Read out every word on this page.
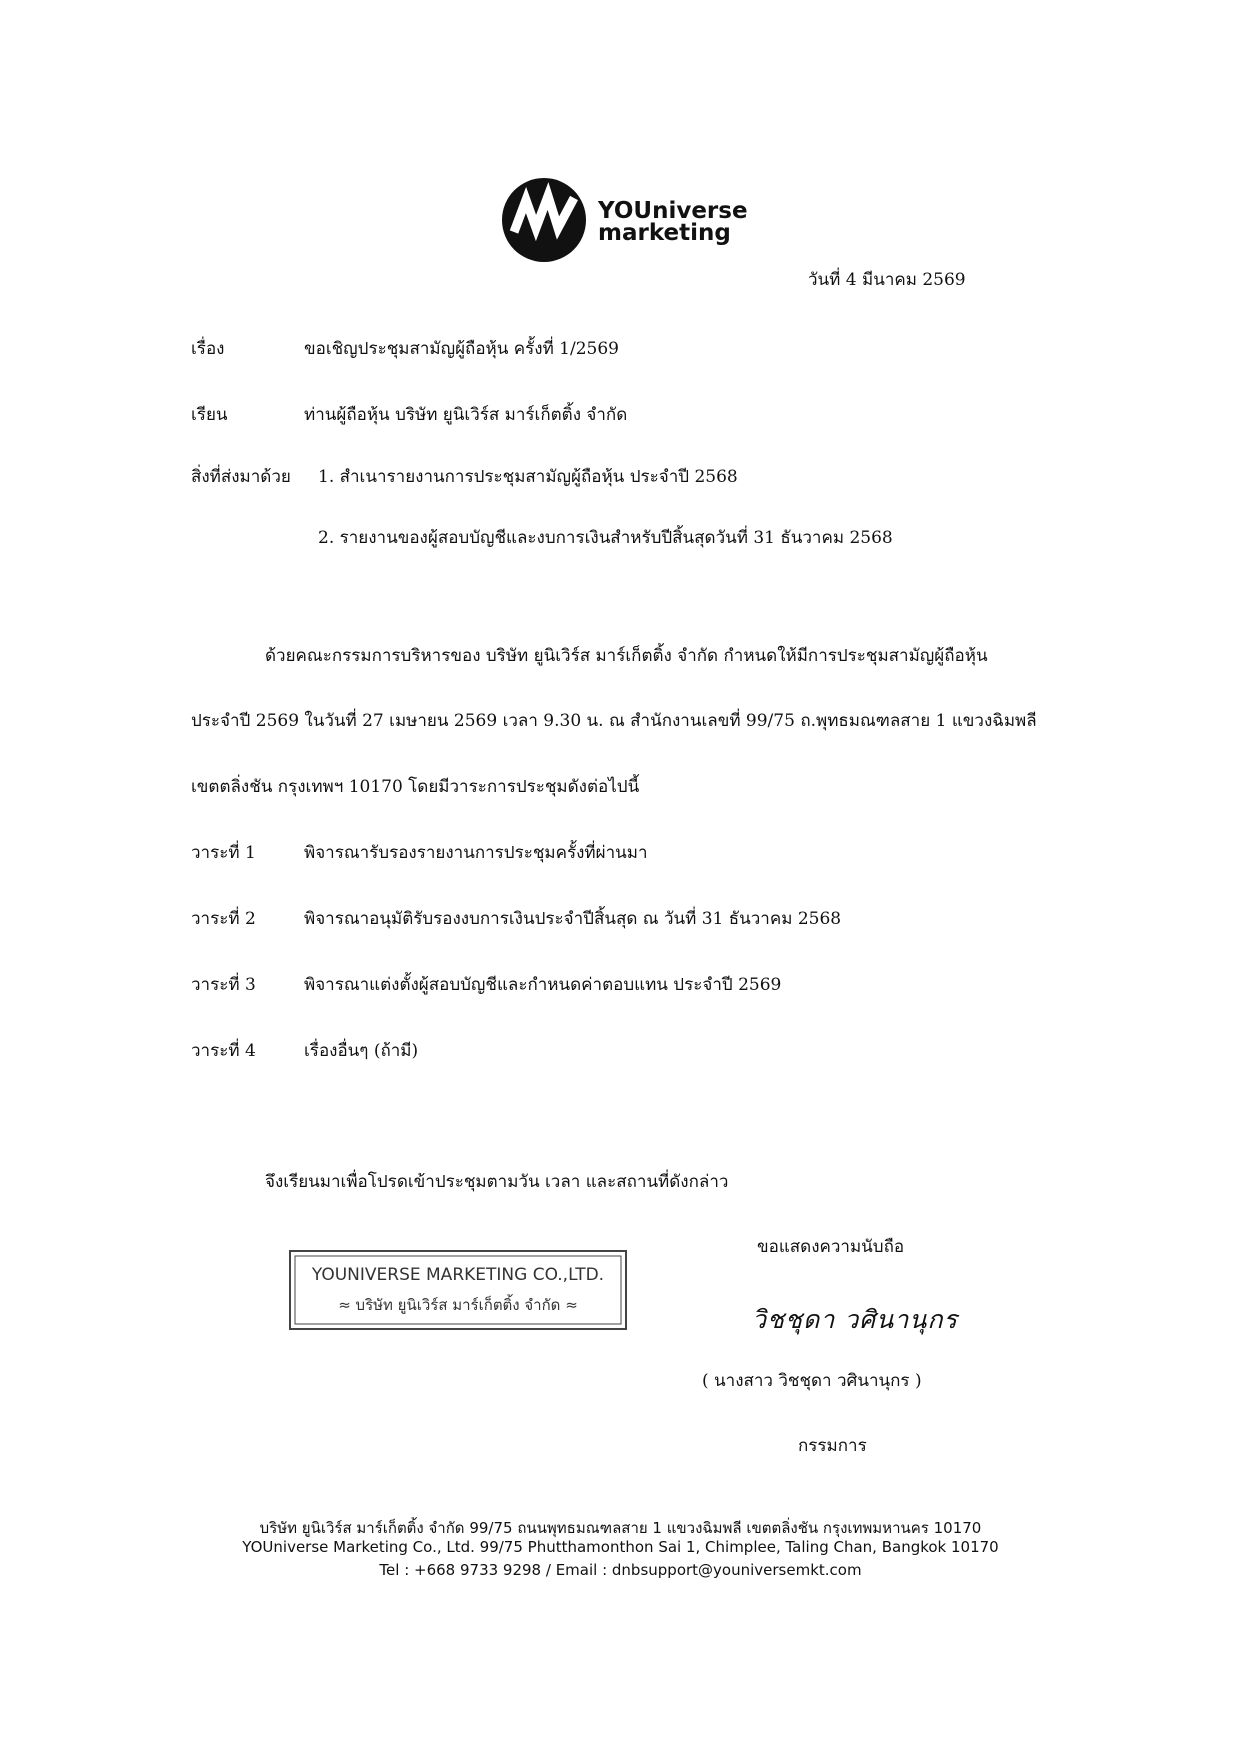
YOUniverse
marketing
วันที่ 4 มีนาคม 2569
เรื่อง	ขอเชิญประชุมสามัญผู้ถือหุ้น ครั้งที่ 1/2569
เรียน	ท่านผู้ถือหุ้น บริษัท ยูนิเวิร์ส มาร์เก็ตติ้ง จำกัด
สิ่งที่ส่งมาด้วย 1. สำเนารายงานการประชุมสามัญผู้ถือหุ้น ประจำปี 2568
2. รายงานของผู้สอบบัญชีและงบการเงินสำหรับปีสิ้นสุดวันที่ 31 ธันวาคม 2568
ด้วยคณะกรรมการบริหารของ บริษัท ยูนิเวิร์ส มาร์เก็ตติ้ง จำกัด กำหนดให้มีการประชุมสามัญผู้ถือหุ้น
ประจำปี 2569 ในวันที่ 27 เมษายน 2569 เวลา 9.30 น. ณ สำนักงานเลขที่ 99/75 ถ.พุทธมณฑลสาย 1 แขวงฉิมพลี
เขตตลิ่งชัน กรุงเทพฯ 10170 โดยมีวาระการประชุมดังต่อไปนี้
วาระที่ 1	พิจารณารับรองรายงานการประชุมครั้งที่ผ่านมา
วาระที่ 2	พิจารณาอนุมัติรับรองงบการเงินประจำปีสิ้นสุด ณ วันที่ 31 ธันวาคม 2568
วาระที่ 3	พิจารณาแต่งตั้งผู้สอบบัญชีและกำหนดค่าตอบแทน ประจำปี 2569
วาระที่ 4	เรื่องอื่นๆ (ถ้ามี)
จึงเรียนมาเพื่อโปรดเข้าประชุมตามวัน เวลา และสถานที่ดังกล่าว
ขอแสดงความนับถือ
YOUNIVERSE MARKETING CO.,LTD.
≈ บริษัท ยูนิเวิร์ส มาร์เก็ตติ้ง จำกัด ≈	วิชชุดา วศินานุกร
( นางสาว วิชชุดา วศินานุกร )
กรรมการ
บริษัท ยูนิเวิร์ส มาร์เก็ตติ้ง จำกัด 99/75 ถนนพุทธมณฑลสาย 1 แขวงฉิมพลี เขตตลิ่งชัน กรุงเทพมหานคร 10170
YOUniverse Marketing Co., Ltd. 99/75 Phutthamonthon Sai 1, Chimplee, Taling Chan, Bangkok 10170
Tel : +668 9733 9298 / Email : dnbsupport@youniversemkt.com
